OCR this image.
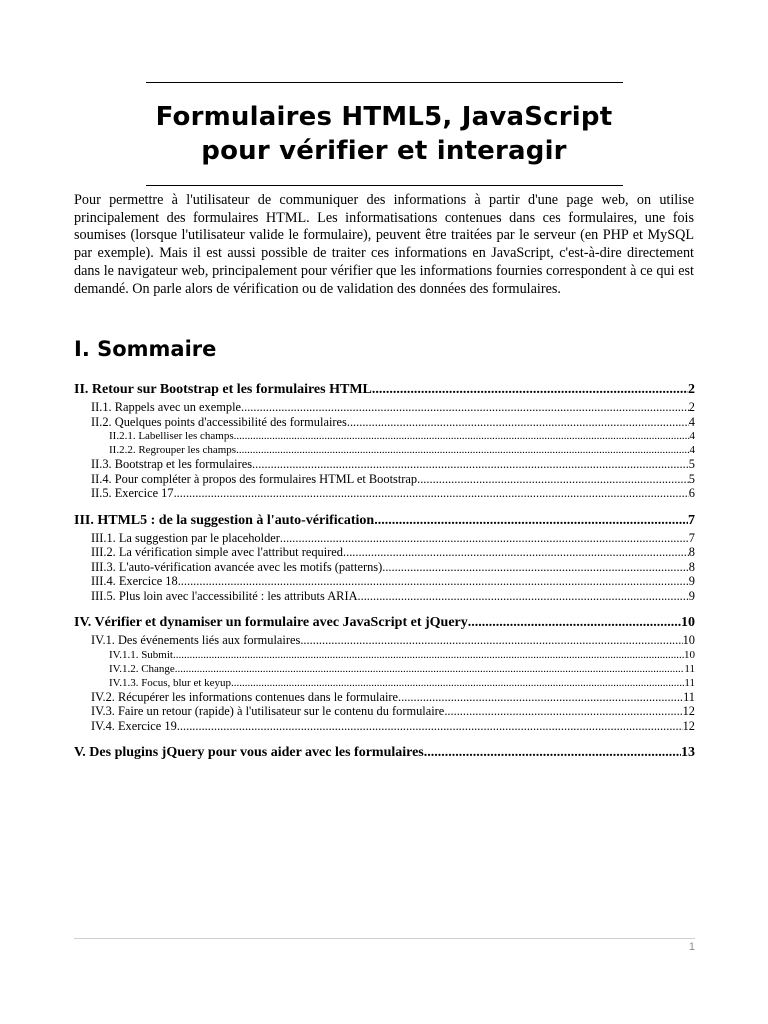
Formulaires HTML5, JavaScript
pour vérifier et interagir

Pour permettre à l'utilisateur de communiquer des informations à partir d'une page web, on utilise principalement des formulaires HTML. Les informatisations contenues dans ces formulaires, une fois soumises (lorsque l'utilisateur valide le formulaire), peuvent être traitées par le serveur (en PHP et MySQL par exemple). Mais il est aussi possible de traiter ces informations en JavaScript, c'est-à-dire directement dans le navigateur web, principalement pour vérifier que les informations fournies correspondent à ce qui est demandé. On parle alors de vérification ou de validation des données des formulaires.

I. Sommaire
II. Retour sur Bootstrap et les formulaires HTML .....	2
II.1. Rappels avec un exemple .....	2
II.2. Quelques points d'accessibilité des formulaires .....	4
II.2.1. Labelliser les champs .....	4
II.2.2. Regrouper les champs .....	4
II.3. Bootstrap et les formulaires .....	5
II.4. Pour compléter à propos des formulaires HTML et Bootstrap .....	5
II.5. Exercice 17 .....	6
III. HTML5 : de la suggestion à l'auto-vérification .....	7
III.1. La suggestion par le placeholder .....	7
III.2. La vérification simple avec l'attribut required .....	8
III.3. L'auto-vérification avancée avec les motifs (patterns) .....	8
III.4. Exercice 18 .....	9
III.5. Plus loin avec l'accessibilité : les attributs ARIA .....	9
IV. Vérifier et dynamiser un formulaire avec JavaScript et jQuery .....	10
IV.1. Des événements liés aux formulaires .....	10
IV.1.1. Submit .....	10
IV.1.2. Change .....	11
IV.1.3. Focus, blur et keyup .....	11
IV.2. Récupérer les informations contenues dans le formulaire .....	11
IV.3. Faire un retour (rapide) à l'utilisateur sur le contenu du formulaire .....	12
IV.4. Exercice 19 .....	12
V. Des plugins jQuery pour vous aider avec les formulaires .....	13
1
